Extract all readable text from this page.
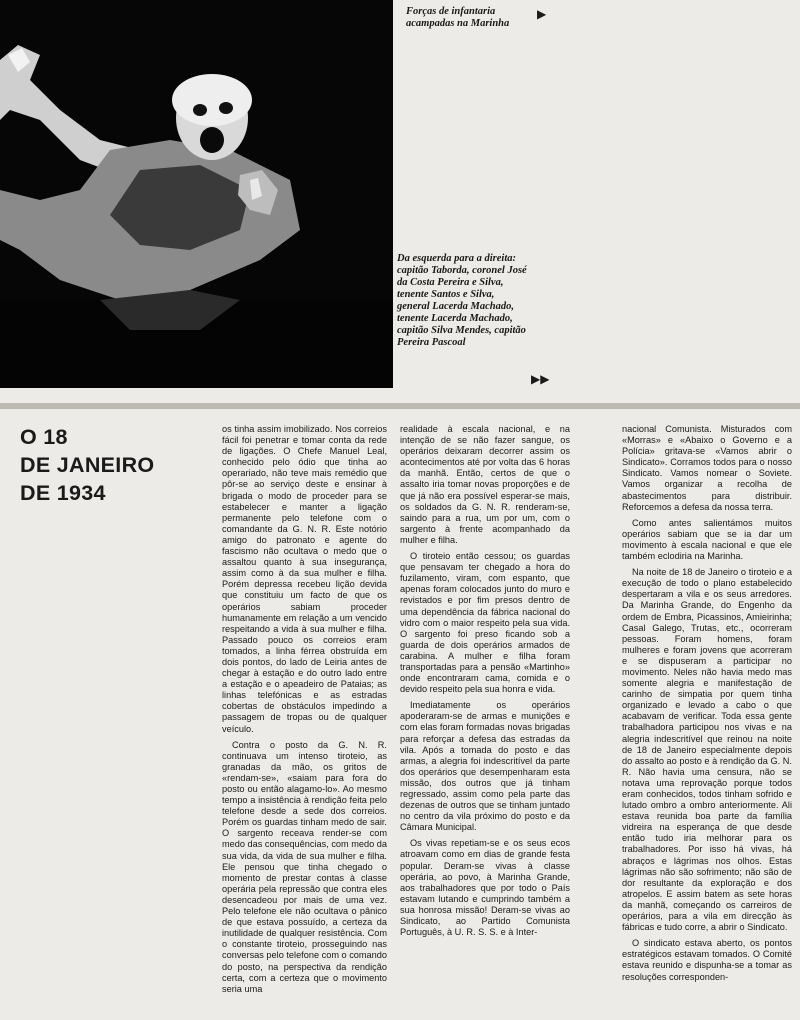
Forças de infantaria acampadas na Marinha
▶
Da esquerda para a direita: capitão Taborda, coronel José da Costa Pereira e Silva, tenente Santos e Silva, general Lacerda Machado, tenente Lacerda Machado, capitão Silva Mendes, capitão Pereira Pascoal
▶▶
O 18
DE JANEIRO
DE 1934

os tinha assim imobilizado. Nos correios fácil foi penetrar e tomar conta da rede de ligações. O Chefe Manuel Leal, conhecido pelo ódio que tinha ao operariado, não teve mais remédio que pôr-se ao serviço deste e ensinar à brigada o modo de proceder para se estabelecer e manter a ligação permanente pelo telefone com o comandante da G. N. R. Este notório amigo do patronato e agente do fascismo não ocultava o medo que o assaltou quanto à sua insegurança, assim como à da sua mulher e filha. Porém depressa recebeu lição devida que constituiu um facto de que os operários sabiam proceder humanamente em relação a um vencido respeitando a vida à sua mulher e filha. Passado pouco os correios eram tomados, a linha férrea obstruída em dois pontos, do lado de Leiria antes de chegar à estação e do outro lado entre a estação e o apeadeiro de Pataias; as linhas telefónicas e as estradas cobertas de obstáculos impedindo a passagem de tropas ou de qualquer veículo.

Contra o posto da G. N. R. continuava um intenso tiroteio, as granadas da mão, os gritos de «rendam-se», «saiam para fora do posto ou então alagamo-lo». Ao mesmo tempo a insistência à rendição feita pelo telefone desde a sede dos correios. Porém os guardas tinham medo de sair. O sargento receava render-se com medo das consequências, com medo da sua vida, da vida de sua mulher e filha. Ele pensou que tinha chegado o momento de prestar contas à classe operária pela repressão que contra eles desencadeou por mais de uma vez. Pelo telefone ele não ocultava o pânico de que estava possuído, a certeza da inutilidade de qualquer resistência. Com o constante tiroteio, prosseguindo nas conversas pelo telefone com o comando do posto, na perspectiva da rendição certa, com a certeza que o movimento seria uma

realidade à escala nacional, e na intenção de se não fazer sangue, os operários deixaram decorrer assim os acontecimentos até por volta das 6 horas da manhã. Então, certos de que o assalto iria tomar novas proporções e de que já não era possível esperar-se mais, os soldados da G. N. R. renderam-se, saindo para a rua, um por um, com o sargento à frente acompanhado da mulher e filha.

O tiroteio então cessou; os guardas que pensavam ter chegado a hora do fuzilamento, viram, com espanto, que apenas foram colocados junto do muro e revistados e por fim presos dentro de uma dependência da fábrica nacional do vidro com o maior respeito pela sua vida. O sargento foi preso ficando sob a guarda de dois operários armados de carabina. A mulher e filha foram transportadas para a pensão «Martinho» onde encontraram cama, comida e o devido respeito pela sua honra e vida.

Imediatamente os operários apoderaram-se de armas e munições e com elas foram formadas novas brigadas para reforçar a defesa das estradas da vila. Após a tomada do posto e das armas, a alegria foi indescritível da parte dos operários que desempenharam esta missão, dos outros que já tinham regressado, assim como pela parte das dezenas de outros que se tinham juntado no centro da vila próximo do posto e da Câmara Municipal.

Os vivas repetiam-se e os seus ecos atroavam como em dias de grande festa popular. Deram-se vivas à classe operária, ao povo, à Marinha Grande, aos trabalhadores que por todo o País estavam lutando e cumprindo também a sua honrosa missão! Deram-se vivas ao Sindicato, ao Partido Comunista Português, à U. R. S. S. e à Inter-

nacional Comunista. Misturados com «Morras» e «Abaixo o Governo e a Polícia» gritava-se «Vamos abrir o Sindicato». Corramos todos para o nosso Sindicato. Vamos nomear o Soviete. Vamos organizar a recolha de abastecimentos para distribuir. Reforcemos a defesa da nossa terra.

Como antes salientámos muitos operários sabiam que se ia dar um movimento à escala nacional e que ele também eclodiria na Marinha.

Na noite de 18 de Janeiro o tiroteio e a execução de todo o plano estabelecido despertaram a vila e os seus arredores. Da Marinha Grande, do Engenho da ordem de Embra, Picassinos, Amieirinha; Casal Galego, Trutas, etc., ocorreram pessoas. Foram homens, foram mulheres e foram jovens que acorreram e se dispuseram a participar no movimento. Neles não havia medo mas somente alegria e manifestação de carinho de simpatia por quem tinha organizado e levado a cabo o que acabavam de verificar. Toda essa gente trabalhadora participou nos vivas e na alegria indescritível que reinou na noite de 18 de Janeiro especialmente depois do assalto ao posto e à rendição da G. N. R. Não havia uma censura, não se notava uma reprovação porque todos eram conhecidos, todos tinham sofrido e lutado ombro a ombro anteriormente. Ali estava reunida boa parte da família vidreira na esperança de que desde então tudo iria melhorar para os trabalhadores. Por isso há vivas, há abraços e lágrimas nos olhos. Estas lágrimas não são sofrimento; não são de dor resultante da exploração e dos atropelos. E assim batem as sete horas da manhã, começando os carreiros de operários, para a vila em direcção às fábricas e tudo corre, a abrir o Sindicato.

O sindicato estava aberto, os pontos estratégicos estavam tomados. O Comité estava reunido e dispunha-se a tomar as resoluções corresponden-
